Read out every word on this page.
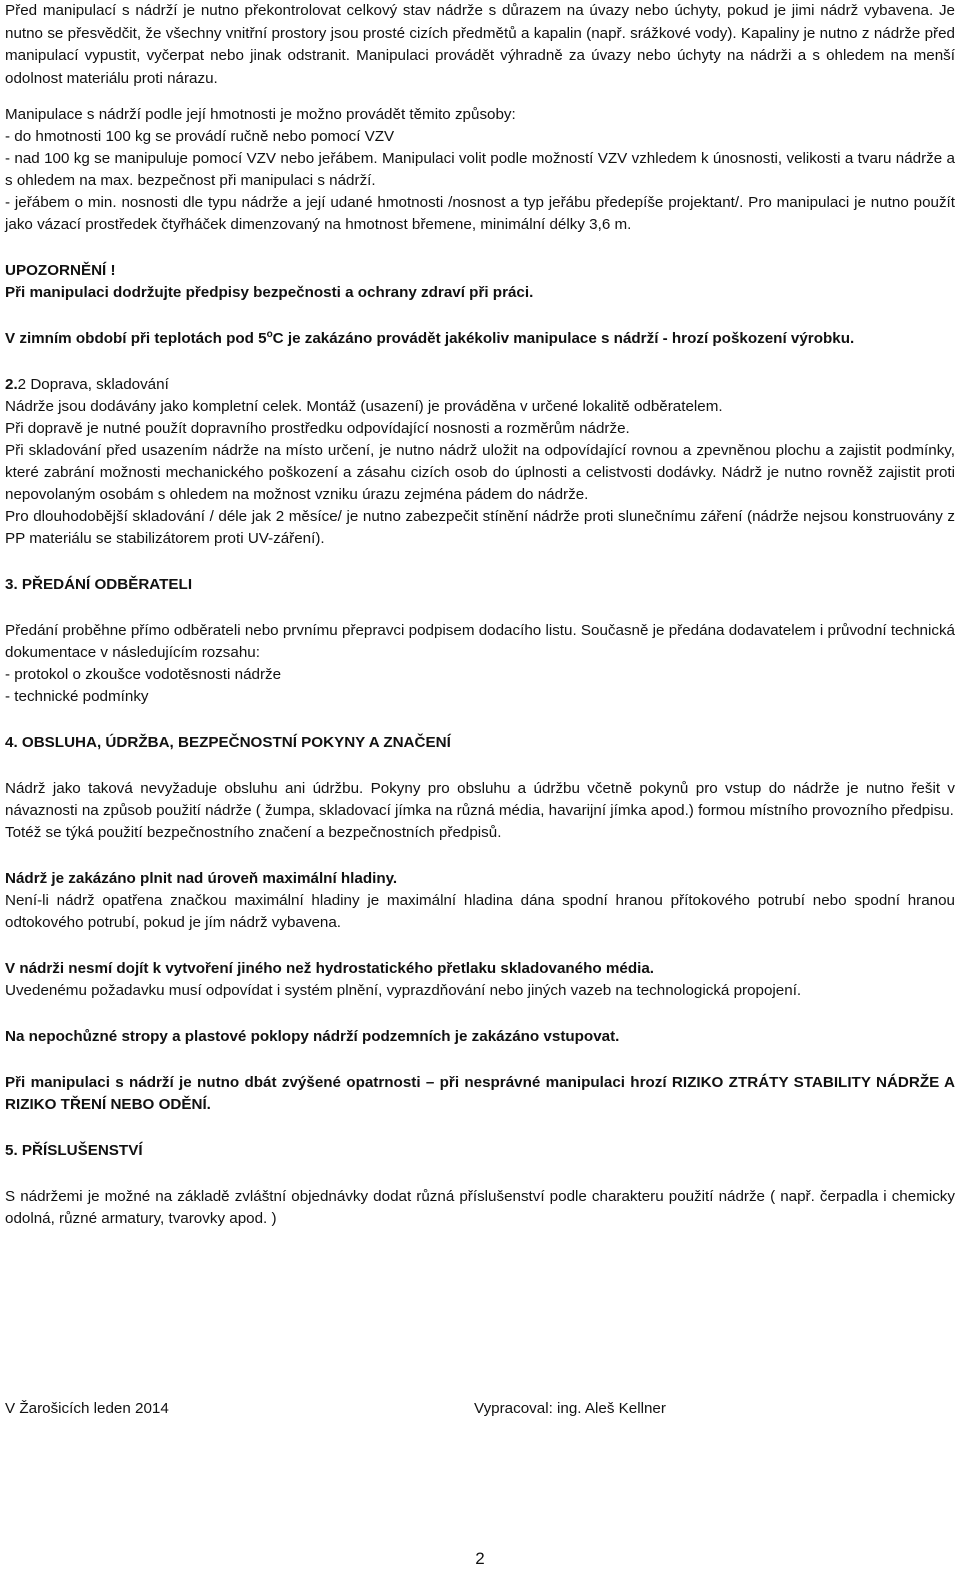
Před manipulací s nádrží je nutno překontrolovat celkový stav nádrže s důrazem na úvazy nebo úchyty, pokud je jimi nádrž vybavena. Je nutno se přesvědčit, že všechny vnitřní prostory jsou prosté cizích předmětů a kapalin (např. srážkové vody). Kapaliny je nutno z nádrže před manipulací vypustit, vyčerpat nebo jinak odstranit. Manipulaci provádět výhradně za úvazy nebo úchyty na nádrži a s ohledem na menší odolnost materiálu proti nárazu.

Manipulace s nádrží podle její hmotnosti je možno provádět těmito způsoby:

- do hmotnosti 100 kg se provádí ručně nebo pomocí VZV

- nad 100 kg se manipuluje pomocí VZV nebo jeřábem. Manipulaci volit podle možností VZV vzhledem k únosnosti, velikosti a tvaru nádrže a s ohledem na max. bezpečnost při manipulaci s nádrží.

- jeřábem o min. nosnosti dle typu nádrže a její udané hmotnosti /nosnost a typ jeřábu předepíše projektant/. Pro manipulaci je nutno použít jako vázací prostředek čtyřháček dimenzovaný na hmotnost břemene, minimální délky 3,6 m.

UPOZORNĚNÍ !

Při manipulaci dodržujte předpisy bezpečnosti a ochrany zdraví při práci.

V zimním období při teplotách pod 5$^o$C je zakázáno provádět jakékoliv manipulace s nádrží - hrozí poškození výrobku.

2.2 Doprava, skladování

Nádrže jsou dodávány jako kompletní celek. Montáž (usazení) je prováděna v určené lokalitě odběratelem.

Při dopravě je nutné použít dopravního prostředku odpovídající nosnosti a rozměrům nádrže.

Při skladování před usazením nádrže na místo určení, je nutno nádrž uložit na odpovídající rovnou a zpevněnou plochu a zajistit podmínky, které zabrání možnosti mechanického poškození a zásahu cizích osob do úplnosti a celistvosti dodávky. Nádrž je nutno rovněž zajistit proti nepovolaným osobám s ohledem na možnost vzniku úrazu zejména pádem do nádrže.

Pro dlouhodobější skladování / déle jak 2 měsíce/ je nutno zabezpečit stínění nádrže proti slunečnímu záření (nádrže nejsou konstruovány z PP materiálu se stabilizátorem proti UV-záření).

3. PŘEDÁNÍ ODBĚRATELI

Předání proběhne přímo odběrateli nebo prvnímu přepravci podpisem dodacího listu. Současně je předána dodavatelem i průvodní technická dokumentace v následujícím rozsahu:

- protokol o zkoušce vodotěsnosti nádrže

- technické podmínky

4. OBSLUHA, ÚDRŽBA, BEZPEČNOSTNÍ POKYNY A ZNAČENÍ

Nádrž jako taková nevyžaduje obsluhu ani údržbu. Pokyny pro obsluhu a údržbu včetně pokynů pro vstup do nádrže je nutno řešit v návaznosti na způsob použití nádrže ( žumpa, skladovací jímka na různá média, havarijní jímka apod.) formou místního provozního předpisu.

Totéž se týká použití bezpečnostního značení a bezpečnostních předpisů.

Nádrž je zakázáno plnit nad úroveň maximální hladiny.

Není-li nádrž opatřena značkou maximální hladiny je maximální hladina dána spodní hranou přítokového potrubí nebo spodní hranou odtokového potrubí, pokud je jím nádrž vybavena.

V nádrži nesmí dojít k vytvoření jiného než hydrostatického přetlaku skladovaného média.

Uvedenému požadavku musí odpovídat i systém plnění, vyprazdňování nebo jiných vazeb na technologická propojení.

Na nepochůzné stropy a plastové poklopy nádrží podzemních je zakázáno vstupovat.

Při manipulaci s nádrží je nutno dbát zvýšené opatrnosti – při nesprávné manipulaci hrozí RIZIKO ZTRÁTY STABILITY NÁDRŽE A RIZIKO TŘENÍ NEBO ODĚNÍ.

5. PŘÍSLUŠENSTVÍ

S nádržemi je možné na základě zvláštní objednávky dodat různá příslušenství podle charakteru použití nádrže ( např. čerpadla i chemicky odolná, různé armatury, tvarovky apod. )

V Žarošicích leden 2014	Vypracoval: ing. Aleš Kellner
2
